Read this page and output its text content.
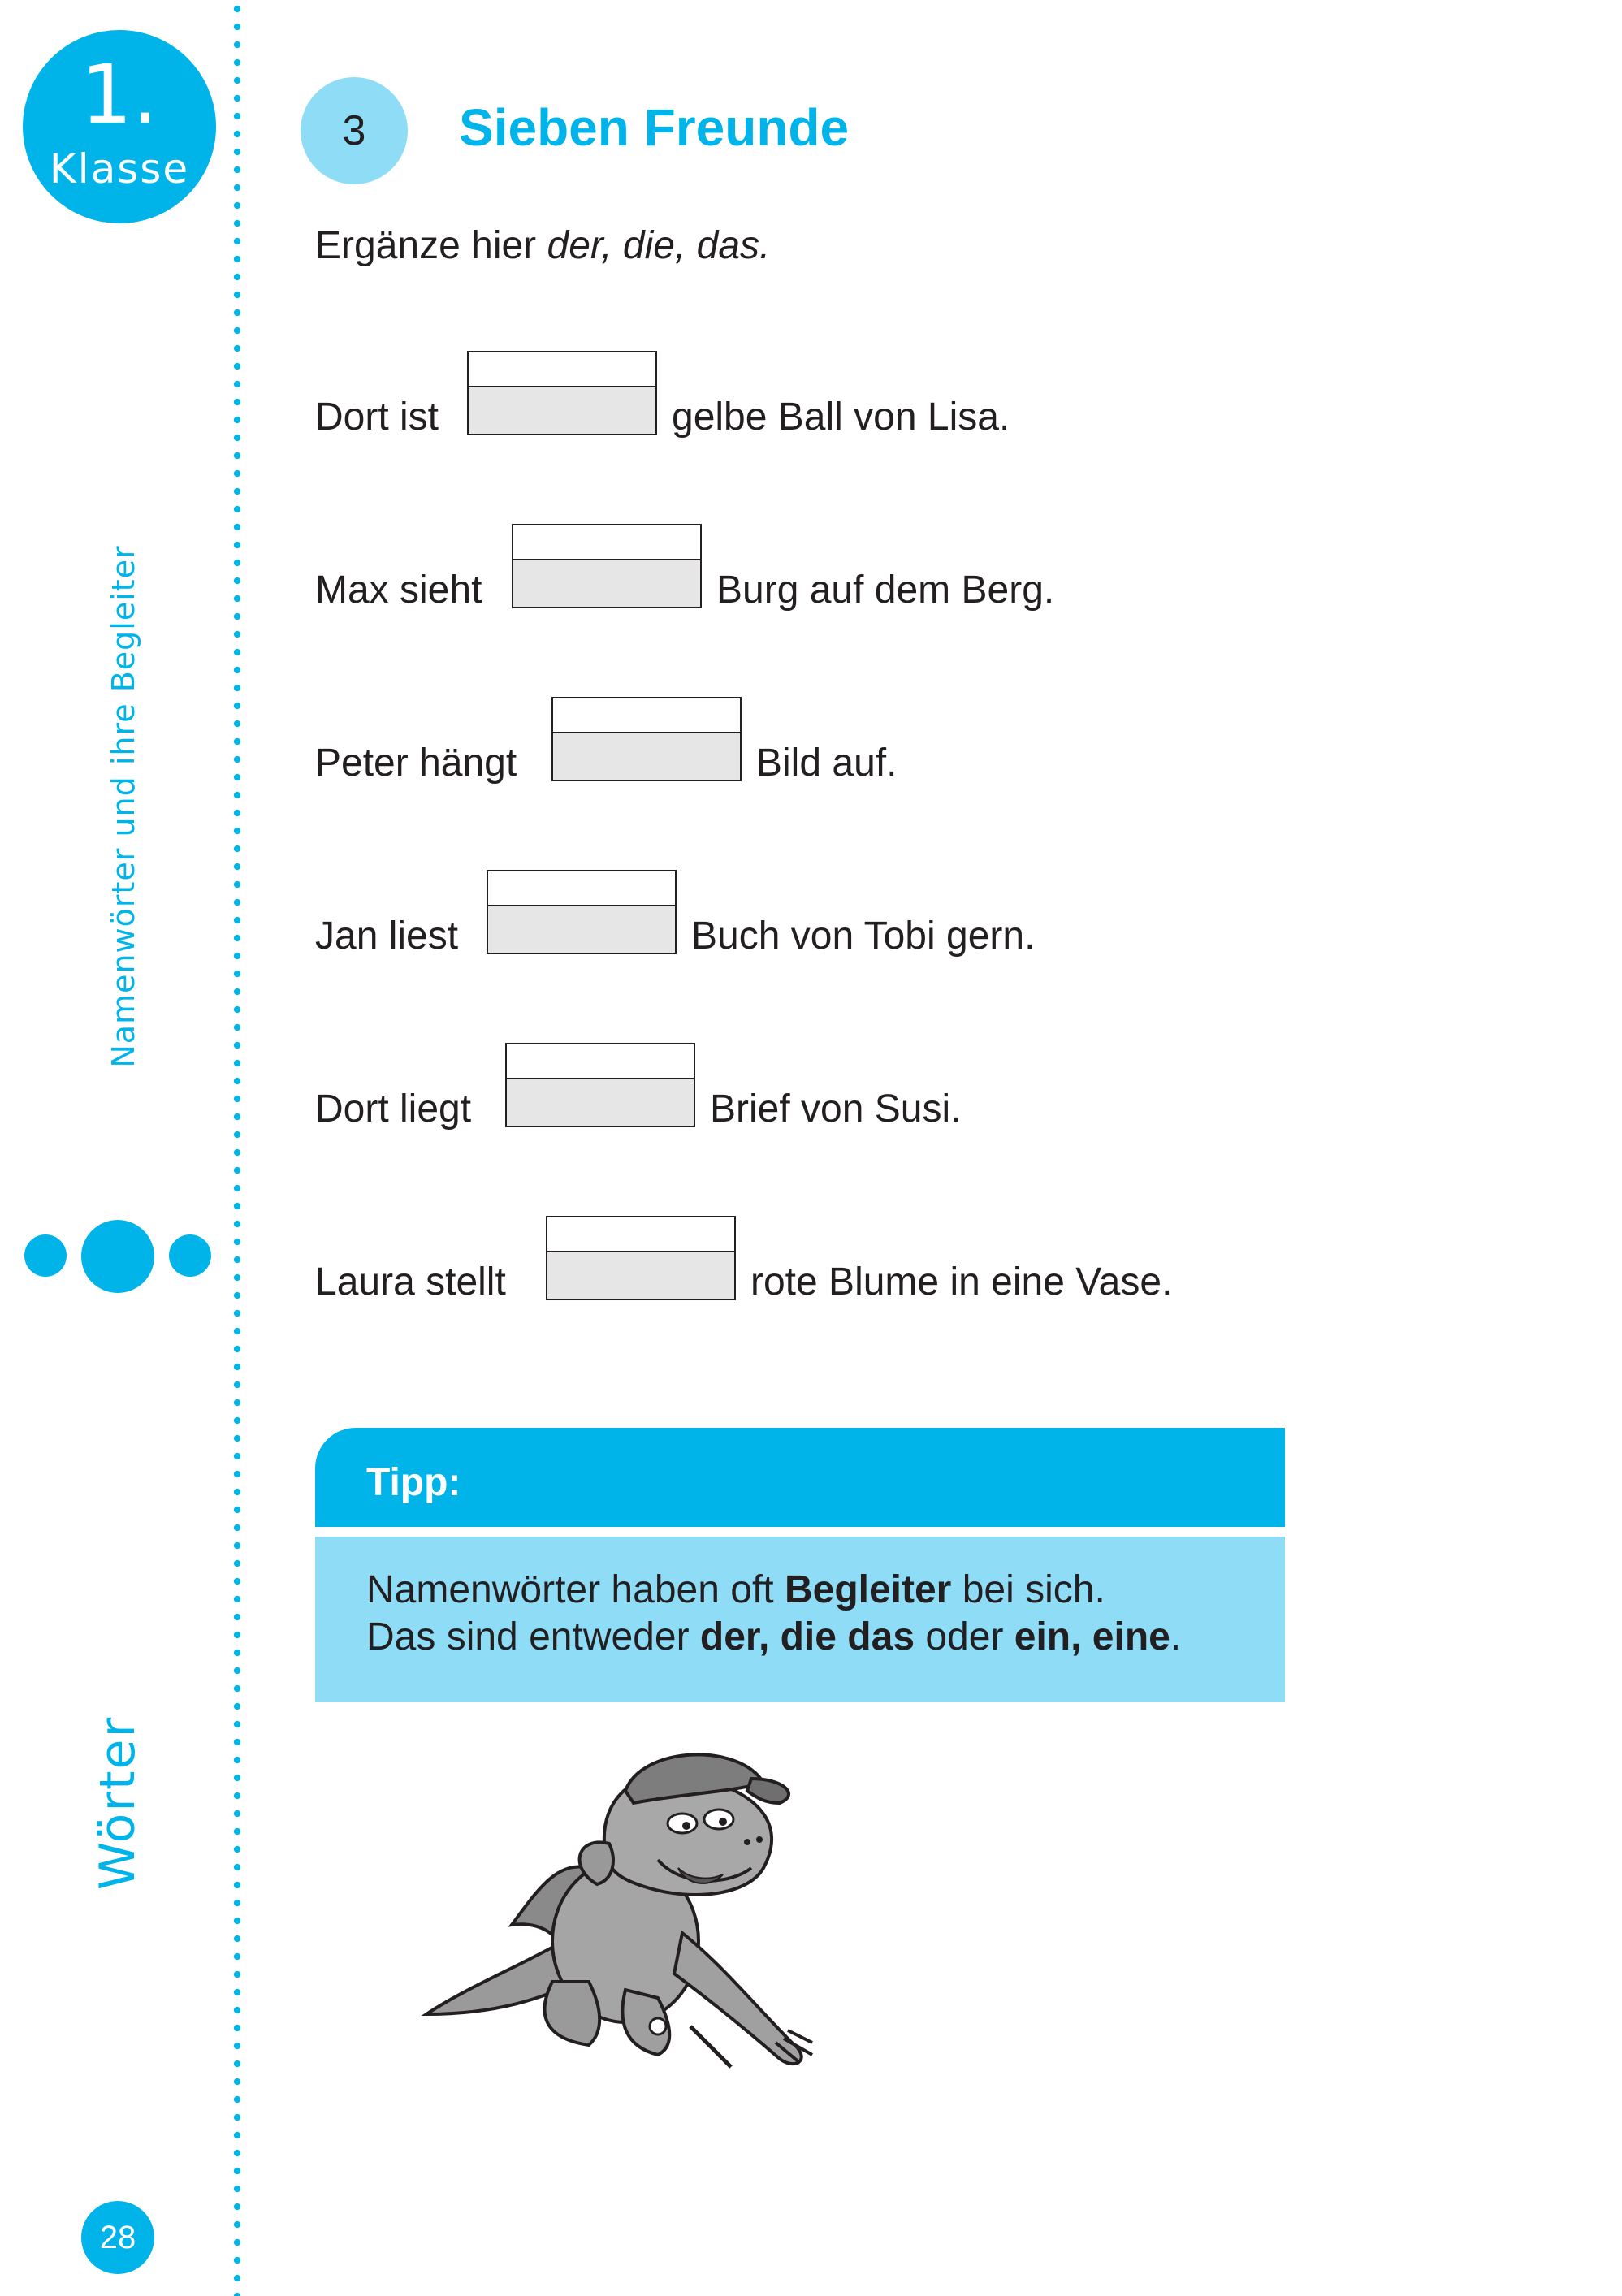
1.
Klasse
Namenwörter und ihre Begleiter
Wörter
28
3	Sieben Freunde
Ergänze hier der, die, das.
Dort ist	gelbe Ball von Lisa.
Max sieht	Burg auf dem Berg.
Peter hängt	Bild auf.
Jan liest	Buch von Tobi gern.
Dort liegt	Brief von Susi.
Laura stellt	rote Blume in eine Vase.
Tipp:
Namenwörter haben oft Begleiter bei sich.
Das sind entweder der, die das oder ein, eine.
